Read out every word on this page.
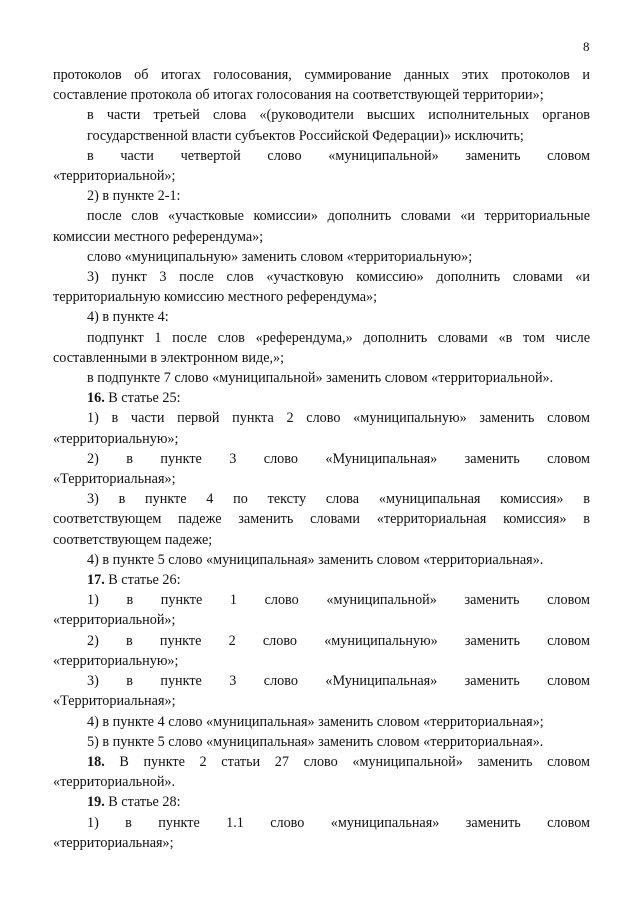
8
протоколов об итогах голосования, суммирование данных этих протоколов и
составление протокола об итогах голосования на соответствующей территории»;
в части третьей слова «(руководители высших исполнительных органов
государственной власти субъектов Российской Федерации)» исключить;
в части четвертой слово «муниципальной» заменить словом
«территориальной»;
2) в пункте 2-1:
после слов «участковые комиссии» дополнить словами «и территориальные
комиссии местного референдума»;
слово «муниципальную» заменить словом «территориальную»;
3) пункт 3 после слов «участковую комиссию» дополнить словами «и
территориальную комиссию местного референдума»;
4) в пункте 4:
подпункт 1 после слов «референдума,» дополнить словами «в том числе
составленными в электронном виде,»;
в подпункте 7 слово «муниципальной» заменить словом «территориальной».
16. В статье 25:
1) в части первой пункта 2 слово «муниципальную» заменить словом
«территориальную»;
2) в пункте 3 слово «Муниципальная» заменить словом
«Территориальная»;
3) в пункте 4 по тексту слова «муниципальная комиссия» в
соответствующем падеже заменить словами «территориальная комиссия» в
соответствующем падеже;
4) в пункте 5 слово «муниципальная» заменить словом «территориальная».
17. В статье 26:
1) в пункте 1 слово «муниципальной» заменить словом
«территориальной»;
2) в пункте 2 слово «муниципальную» заменить словом
«территориальную»;
3) в пункте 3 слово «Муниципальная» заменить словом
«Территориальная»;
4) в пункте 4 слово «муниципальная» заменить словом «территориальная»;
5) в пункте 5 слово «муниципальная» заменить словом «территориальная».
18. В пункте 2 статьи 27 слово «муниципальной» заменить словом
«территориальной».
19. В статье 28:
1) в пункте 1.1 слово «муниципальная» заменить словом
«территориальная»;
